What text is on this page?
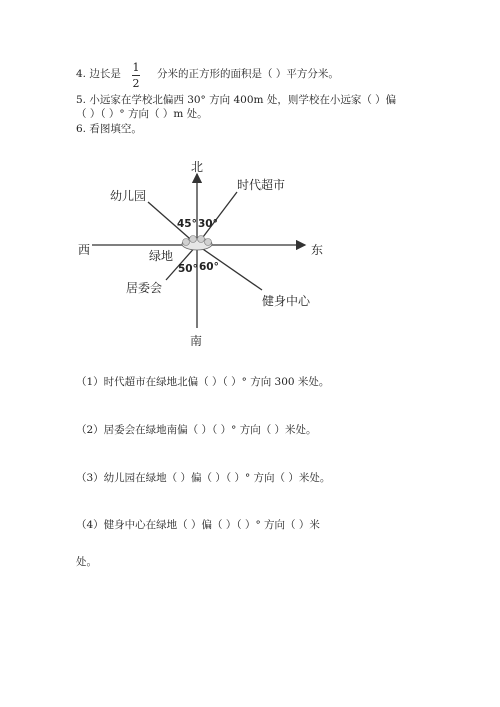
4. 边长是 1
2
分米的正方形的面积是（ ）平方分米。
5. 小远家在学校北偏西 30° 方向 400m 处，则学校在小远家（ ）偏
（ ）（ ）° 方向（ ）m 处。
6. 看图填空。
北
南
东
西	绿地
幼儿园
时代超市
居委会
健身中心
45° 30°
50° 60°
（1）时代超市在绿地北偏（ ）（ ）° 方向 300 米处。
（2）居委会在绿地南偏（ ）（ ）° 方向（ ）米处。
（3）幼儿园在绿地（ ）偏（ ）（ ）° 方向（ ）米处。
（4）健身中心在绿地（ ）偏（ ）（ ）° 方向（ ）米
处。
